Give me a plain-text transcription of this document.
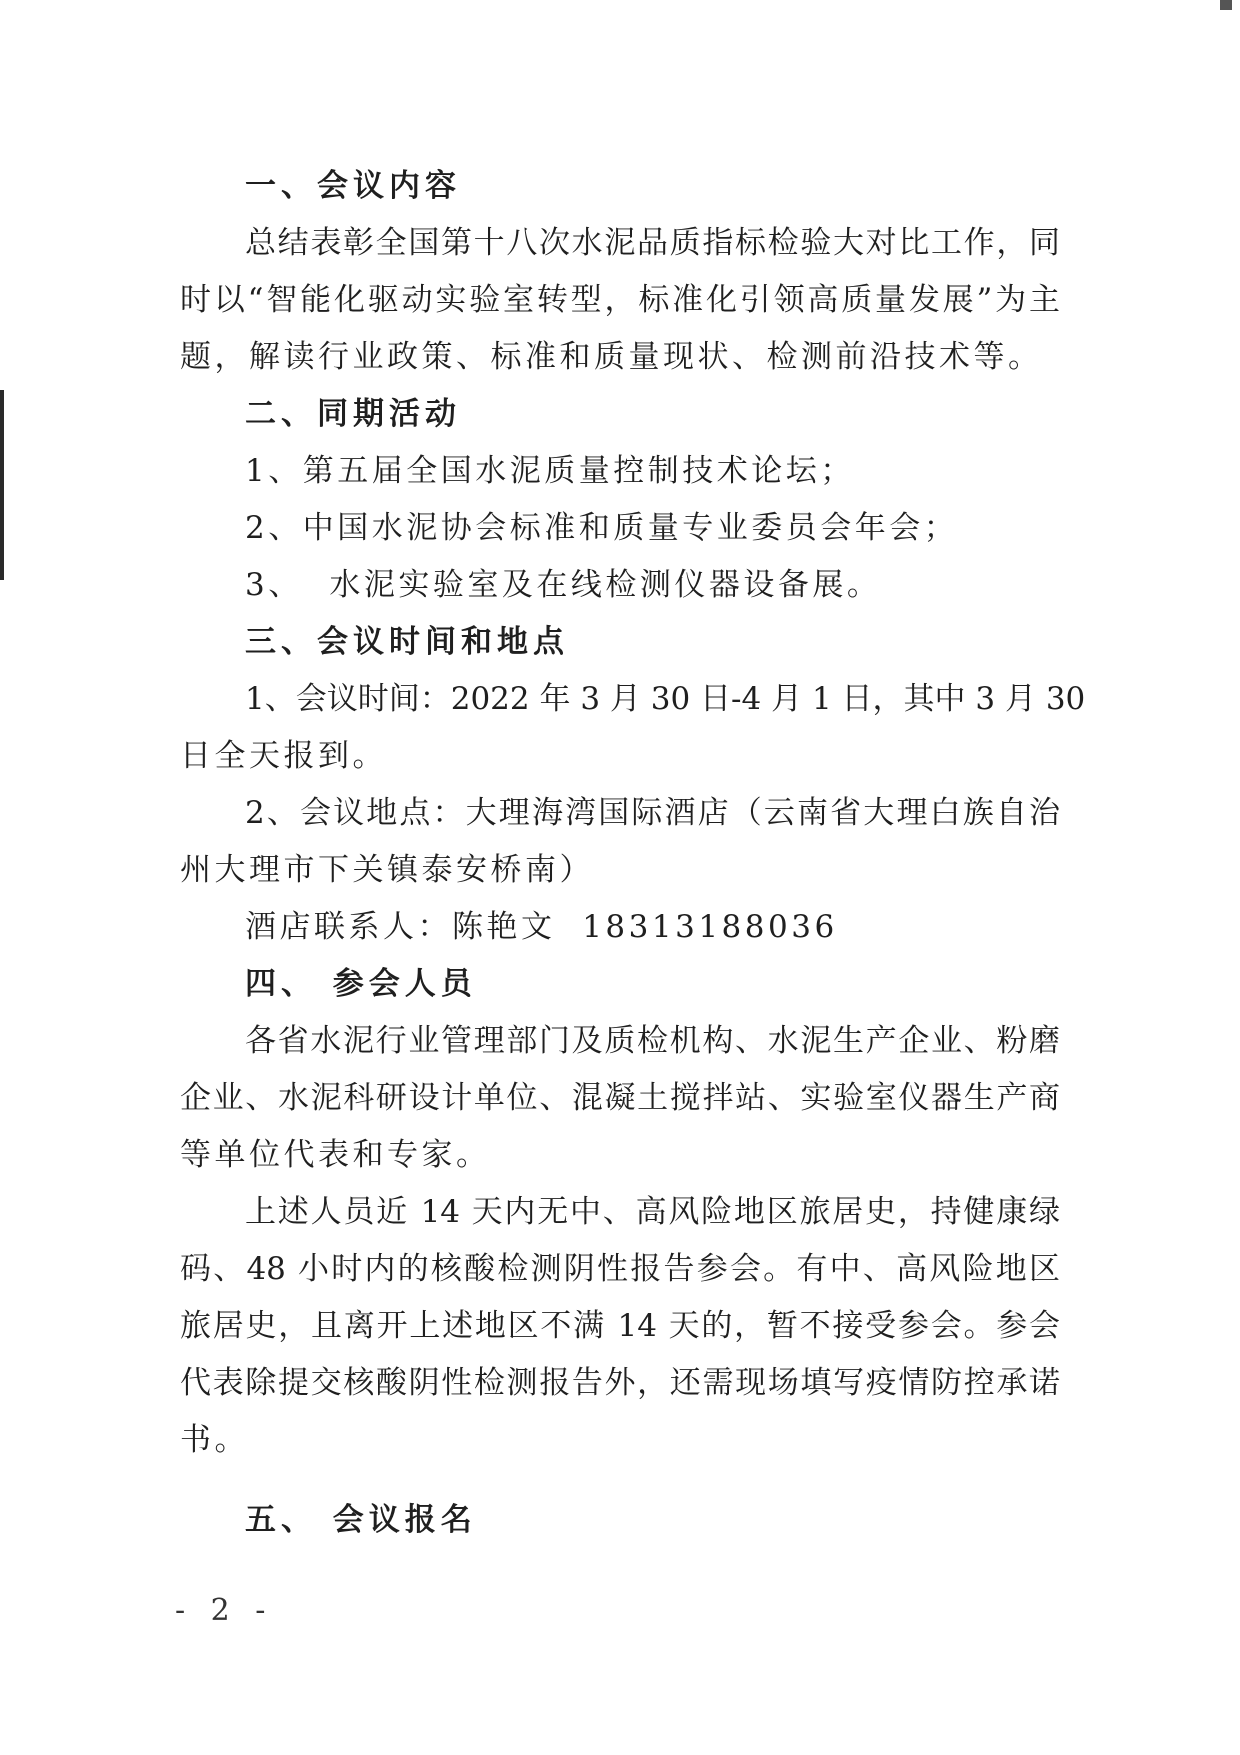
一、会议内容
总结表彰全国第十八次水泥品质指标检验大对比工作，同
时以“智能化驱动实验室转型，标准化引领高质量发展”为主
题，解读行业政策、标准和质量现状、检测前沿技术等。
二、同期活动
1、第五届全国水泥质量控制技术论坛；
2、中国水泥协会标准和质量专业委员会年会；
3、  水泥实验室及在线检测仪器设备展。
三、会议时间和地点
1、会议时间：2022 年 3 月 30 日-4 月 1 日，其中 3 月 30
日全天报到。
2、会议地点：大理海湾国际酒店（云南省大理白族自治
州大理市下关镇泰安桥南）
酒店联系人：陈艳文  18313188036
四、 参会人员
各省水泥行业管理部门及质检机构、水泥生产企业、粉磨
企业、水泥科研设计单位、混凝土搅拌站、实验室仪器生产商
等单位代表和专家。
上述人员近 14 天内无中、高风险地区旅居史，持健康绿
码、48 小时内的核酸检测阴性报告参会。有中、高风险地区
旅居史，且离开上述地区不满 14 天的，暂不接受参会。参会
代表除提交核酸阴性检测报告外，还需现场填写疫情防控承诺
书。
五、 会议报名
- 2 -
